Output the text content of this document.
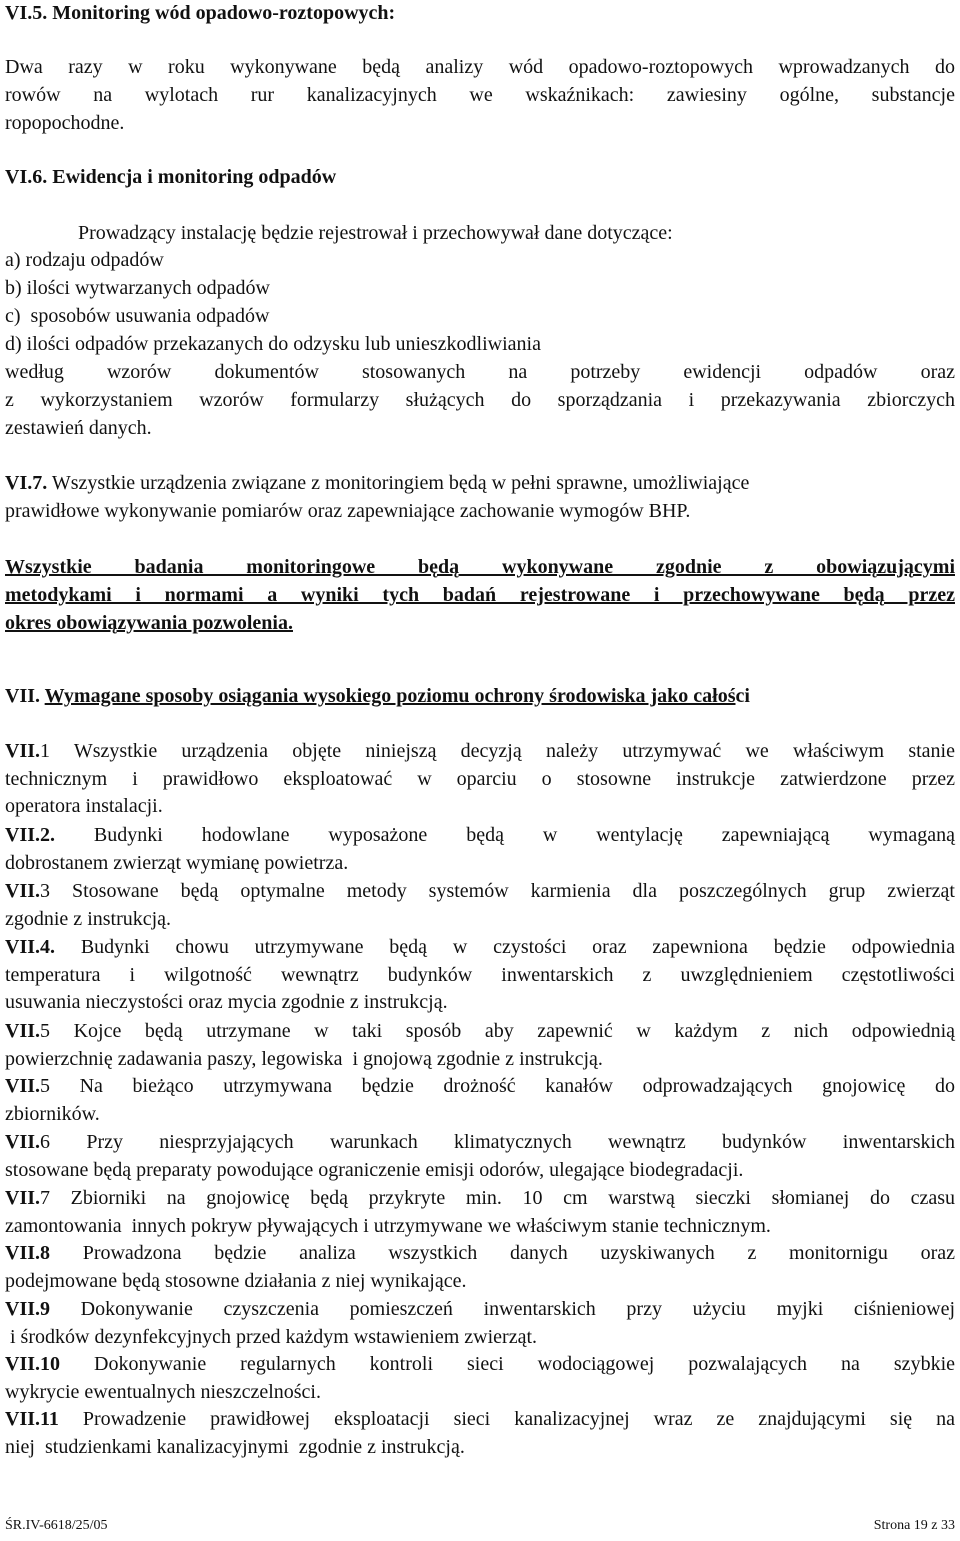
VI.5. Monitoring wód opadowo-roztopowych:
Dwa razy w roku wykonywane będą analizy wód opadowo-roztopowych wprowadzanych do
rowów na wylotach rur kanalizacyjnych we wskaźnikach: zawiesiny ogólne, substancje
ropopochodne.
VI.6. Ewidencja i monitoring odpadów
Prowadzący instalację będzie rejestrował i przechowywał dane dotyczące:
a) rodzaju odpadów
b) ilości wytwarzanych odpadów
c)  sposobów usuwania odpadów
d) ilości odpadów przekazanych do odzysku lub unieszkodliwiania
według wzorów dokumentów stosowanych na potrzeby ewidencji odpadów oraz
z wykorzystaniem wzorów formularzy służących do sporządzania i przekazywania zbiorczych
zestawień danych.
VI.7. Wszystkie urządzenia związane z monitoringiem będą w pełni sprawne, umożliwiające
prawidłowe wykonywanie pomiarów oraz zapewniające zachowanie wymogów BHP.
Wszystkie badania monitoringowe będą wykonywane zgodnie z obowiązującymi
metodykami i normami a wyniki tych badań rejestrowane i przechowywane będą przez
okres obowiązywania pozwolenia.
VII. Wymagane sposoby osiągania wysokiego poziomu ochrony środowiska jako całości
VII.1 Wszystkie urządzenia objęte niniejszą decyzją należy utrzymywać we właściwym stanie
technicznym i prawidłowo eksploatować w oparciu o stosowne instrukcje zatwierdzone przez
operatora instalacji.
VII.2. Budynki hodowlane wyposażone będą w wentylację zapewniającą wymaganą
dobrostanem zwierząt wymianę powietrza.
VII.3 Stosowane będą optymalne metody systemów karmienia dla poszczególnych grup zwierząt
zgodnie z instrukcją.
VII.4. Budynki chowu utrzymywane będą w czystości oraz zapewniona będzie odpowiednia
temperatura i wilgotność wewnątrz budynków inwentarskich z uwzględnieniem częstotliwości
usuwania nieczystości oraz mycia zgodnie z instrukcją.
VII.5 Kojce będą utrzymane w taki sposób aby zapewnić w każdym z nich odpowiednią
powierzchnię zadawania paszy, legowiska  i gnojową zgodnie z instrukcją.
VII.5 Na bieżąco utrzymywana będzie drożność kanałów odprowadzających gnojowicę do
zbiorników.
VII.6 Przy niesprzyjających warunkach klimatycznych wewnątrz budynków inwentarskich
stosowane będą preparaty powodujące ograniczenie emisji odorów, ulegające biodegradacji.
VII.7 Zbiorniki na gnojowicę będą przykryte min. 10 cm warstwą sieczki słomianej do czasu
zamontowania  innych pokryw pływających i utrzymywane we właściwym stanie technicznym.
VII.8 Prowadzona będzie analiza wszystkich danych uzyskiwanych z monitornigu oraz
podejmowane będą stosowne działania z niej wynikające.
VII.9 Dokonywanie czyszczenia pomieszczeń inwentarskich przy użyciu myjki ciśnieniowej
i środków dezynfekcyjnych przed każdym wstawieniem zwierząt.
VII.10 Dokonywanie regularnych kontroli sieci wodociągowej pozwalających na szybkie
wykrycie ewentualnych nieszczelności.
VII.11 Prowadzenie prawidłowej eksploatacji sieci kanalizacyjnej wraz ze znajdującymi się na
niej  studzienkami kanalizacyjnymi  zgodnie z instrukcją.
ŚR.IV-6618/25/05	Strona 19 z 33
